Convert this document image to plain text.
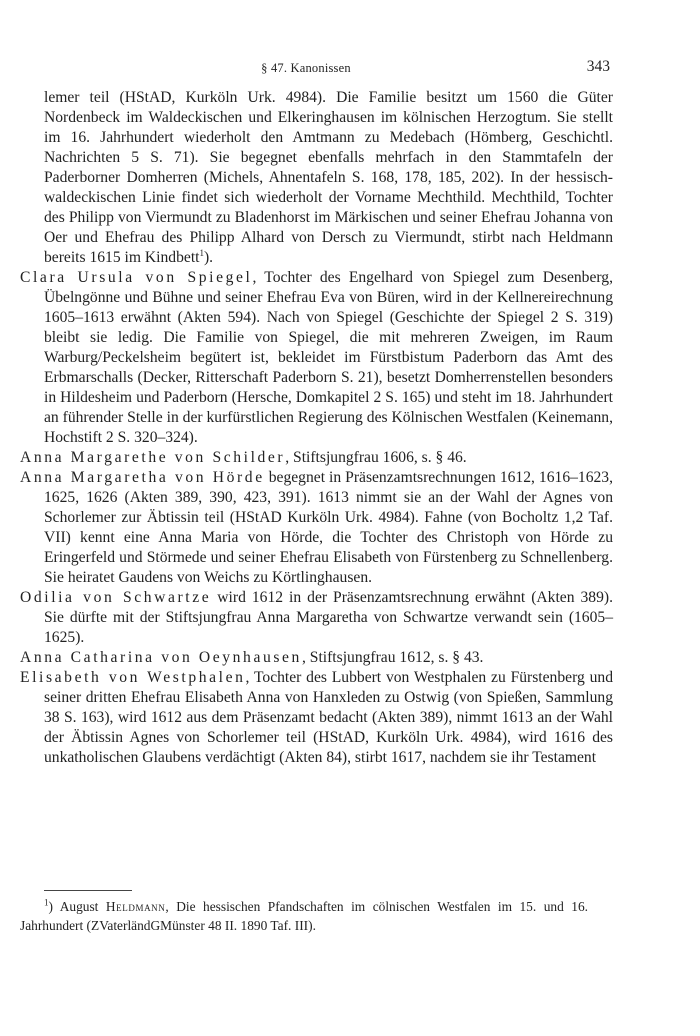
§ 47. Kanonissen	343

lemer teil (HStAD, Kurköln Urk. 4984). Die Familie besitzt um 1560 die Güter Nordenbeck im Waldeckischen und Elkeringhausen im kölnischen Herzogtum. Sie stellt im 16. Jahrhundert wiederholt den Amtmann zu Medebach (Hömberg, Geschichtl. Nachrichten 5 S. 71). Sie begegnet ebenfalls mehrfach in den Stammtafeln der Paderborner Domherren (Michels, Ahnentafeln S. 168, 178, 185, 202). In der hessisch-waldeckischen Linie findet sich wiederholt der Vorname Mechthild. Mechthild, Tochter des Philipp von Viermundt zu Bladenhorst im Märkischen und seiner Ehefrau Johanna von Oer und Ehefrau des Philipp Alhard von Dersch zu Viermundt, stirbt nach Heldmann bereits 1615 im Kindbett$^1$).

Clara Ursula von Spiegel, Tochter des Engelhard von Spiegel zum Desenberg, Übelngönne und Bühne und seiner Ehefrau Eva von Büren, wird in der Kellnereirechnung 1605–1613 erwähnt (Akten 594). Nach von Spiegel (Geschichte der Spiegel 2 S. 319) bleibt sie ledig. Die Familie von Spiegel, die mit mehreren Zweigen, im Raum Warburg/Peckelsheim begütert ist, bekleidet im Fürstbistum Paderborn das Amt des Erbmarschalls (Decker, Ritterschaft Paderborn S. 21), besetzt Domherrenstellen besonders in Hildesheim und Paderborn (Hersche, Domkapitel 2 S. 165) und steht im 18. Jahrhundert an führender Stelle in der kurfürstlichen Regierung des Kölnischen Westfalen (Keinemann, Hochstift 2 S. 320–324).

Anna Margarethe von Schilder, Stiftsjungfrau 1606, s. § 46.

Anna Margaretha von Hörde begegnet in Präsenzamtsrechnungen 1612, 1616–1623, 1625, 1626 (Akten 389, 390, 423, 391). 1613 nimmt sie an der Wahl der Agnes von Schorlemer zur Äbtissin teil (HStAD Kurköln Urk. 4984). Fahne (von Bocholtz 1,2 Taf. VII) kennt eine Anna Maria von Hörde, die Tochter des Christoph von Hörde zu Eringerfeld und Störmede und seiner Ehefrau Elisabeth von Fürstenberg zu Schnellenberg. Sie heiratet Gaudens von Weichs zu Körtlinghausen.

Odilia von Schwartze wird 1612 in der Präsenzamtsrechnung erwähnt (Akten 389). Sie dürfte mit der Stiftsjungfrau Anna Margaretha von Schwartze verwandt sein (1605–1625).

Anna Catharina von Oeynhausen, Stiftsjungfrau 1612, s. § 43.

Elisabeth von Westphalen, Tochter des Lubbert von Westphalen zu Fürstenberg und seiner dritten Ehefrau Elisabeth Anna von Hanxleden zu Ostwig (von Spießen, Sammlung 38 S. 163), wird 1612 aus dem Präsenzamt bedacht (Akten 389), nimmt 1613 an der Wahl der Äbtissin Agnes von Schorlemer teil (HStAD, Kurköln Urk. 4984), wird 1616 des unkatholischen Glaubens verdächtigt (Akten 84), stirbt 1617, nachdem sie ihr Testament

$^1$) August Heldmann, Die hessischen Pfandschaften im cölnischen Westfalen im 15. und 16. Jahrhundert (ZVaterländGMünster 48 II. 1890 Taf. III).
